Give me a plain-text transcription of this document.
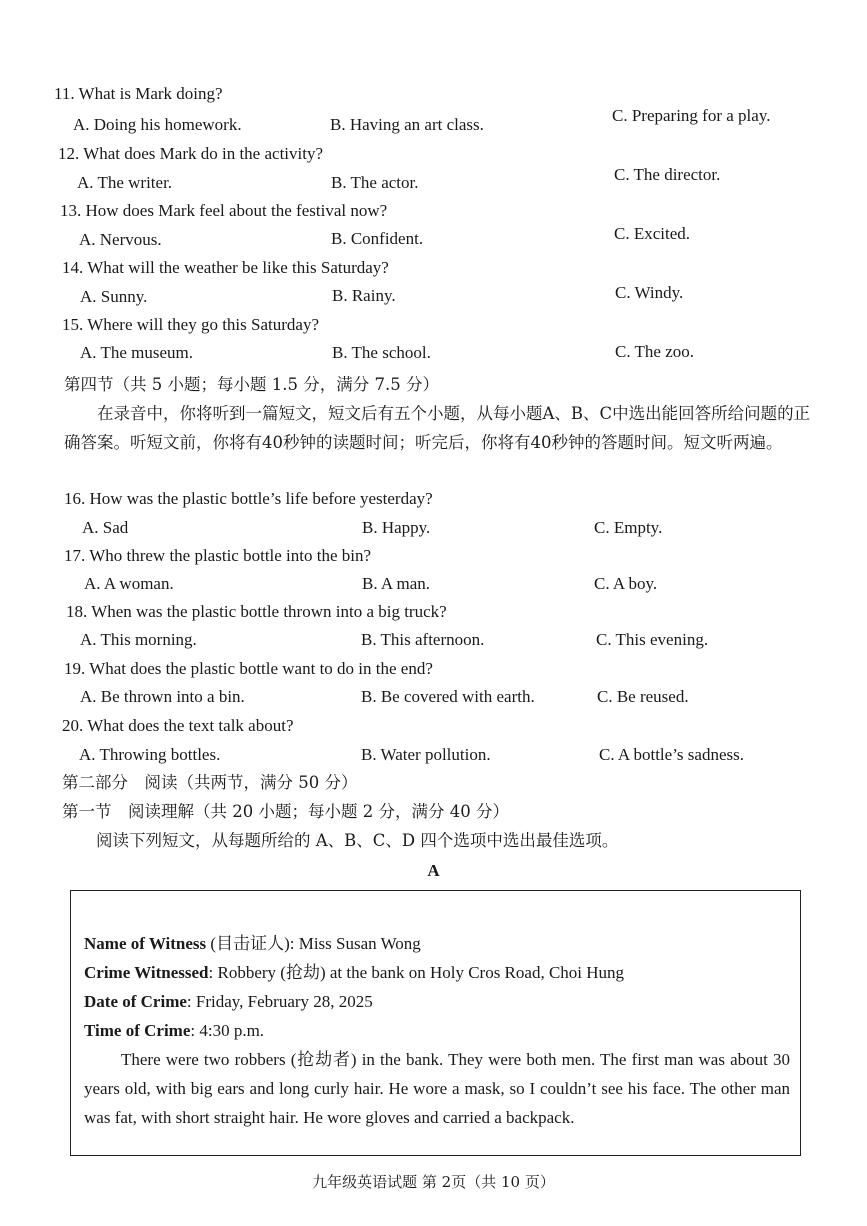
11. What is Mark doing?
A. Doing his homework.	B. Having an art class.	C. Preparing for a play.
12. What does Mark do in the activity?
A. The writer.	B. The actor.	C. The director.
13. How does Mark feel about the festival now?
A. Nervous.	B. Confident.	C. Excited.
14. What will the weather be like this Saturday?
A. Sunny.	B. Rainy.	C. Windy.
15. Where will they go this Saturday?
A. The museum.	B. The school.	C. The zoo.
第四节（共 5 小题；每小题 1.5 分，满分 7.5 分）
在录音中，你将听到一篇短文，短文后有五个小题，从每小题A、B、C中选出能回答所给问题的正确答案。听短文前，你将有40秒钟的读题时间；听完后，你将有40秒钟的答题时间。短文听两遍。
16. How was the plastic bottle’s life before yesterday?
A. Sad	B. Happy.	C. Empty.
17. Who threw the plastic bottle into the bin?
A. A woman.	B. A man.	C. A boy.
18. When was the plastic bottle thrown into a big truck?
A. This morning.	B. This afternoon.	C. This evening.
19. What does the plastic bottle want to do in the end?
A. Be thrown into a bin.	B. Be covered with earth.	C. Be reused.
20. What does the text talk about?
A. Throwing bottles.	B. Water pollution.	C. A bottle’s sadness.
第二部分　阅读（共两节，满分 50 分）
第一节　阅读理解（共 20 小题；每小题 2 分，满分 40 分）
阅读下列短文，从每题所给的 A、B、C、D 四个选项中选出最佳选项。
A
Name of Witness (目击证人): Miss Susan Wong
Crime Witnessed: Robbery (抢劫) at the bank on Holy Cros Road, Choi Hung
Date of Crime: Friday, February 28, 2025
Time of Crime: 4:30 p.m.
There were two robbers (抢劫者) in the bank. They were both men. The first man was about 30 years old, with big ears and long curly hair. He wore a mask, so I couldn’t see his face. The other man was fat, with short straight hair. He wore gloves and carried a backpack.
九年级英语试题 第 2页（共 10 页）
